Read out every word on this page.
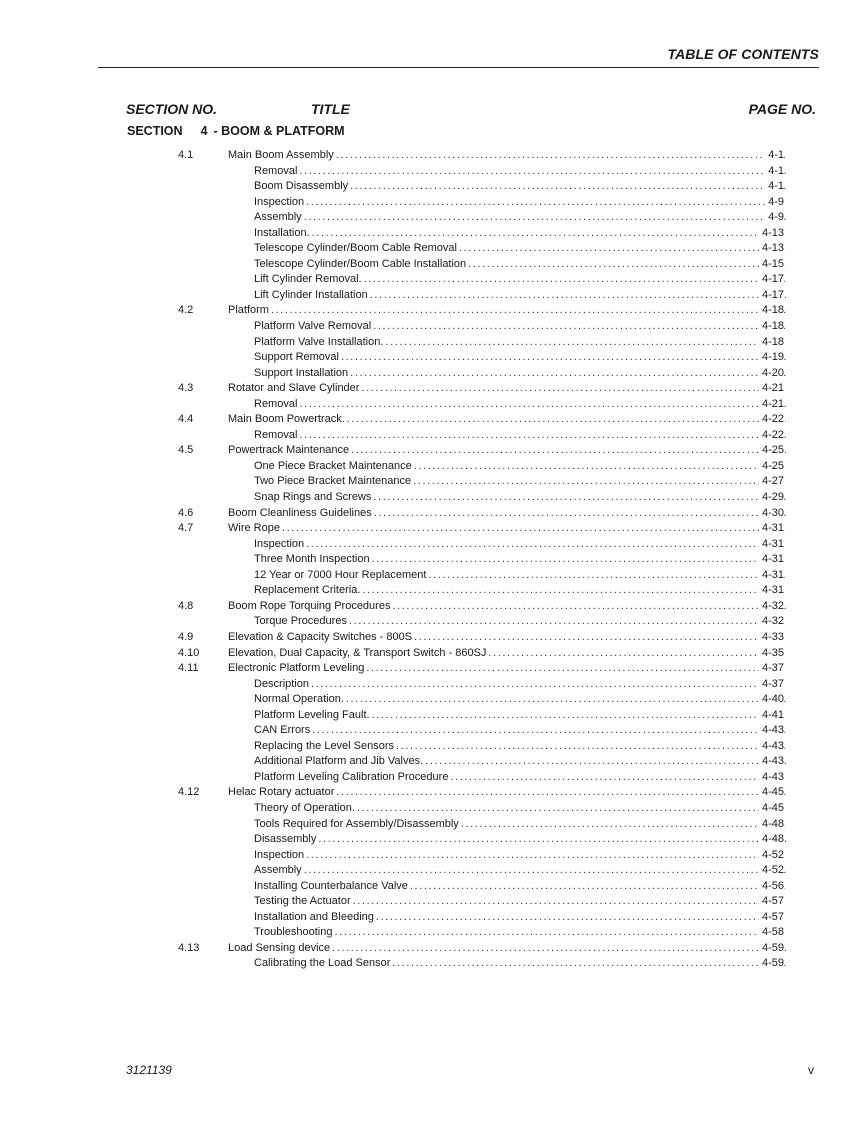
TABLE OF CONTENTS
SECTION NO.	TITLE	PAGE NO.
SECTION 4 - BOOM & PLATFORM
4.1	Main Boom Assembly .....	4-1
Removal .....	4-1
Boom Disassembly .....	4-1
Inspection .....	4-9
Assembly .....	4-9
Installation. .....	4-13
Telescope Cylinder/Boom Cable Removal .....	4-13
Telescope Cylinder/Boom Cable Installation .....	4-15
Lift Cylinder Removal. .....	4-17
Lift Cylinder Installation .....	4-17
4.2	Platform .....	4-18
Platform Valve Removal .....	4-18
Platform Valve Installation. .....	4-18
Support Removal .....	4-19
Support Installation .....	4-20
4.3	Rotator and Slave Cylinder .....	4-21
Removal .....	4-21
4.4	Main Boom Powertrack. .....	4-22
Removal .....	4-22
4.5	Powertrack Maintenance .....	4-25
One Piece Bracket Maintenance .....	4-25
Two Piece Bracket Maintenance .....	4-27
Snap Rings and Screws .....	4-29
4.6	Boom Cleanliness Guidelines .....	4-30
4.7	Wire Rope .....	4-31
Inspection .....	4-31
Three Month Inspection .....	4-31
12 Year or 7000 Hour Replacement .....	4-31
Replacement Criteria. .....	4-31
4.8	Boom Rope Torquing Procedures .....	4-32
Torque Procedures .....	4-32
4.9	Elevation & Capacity Switches - 800S .....	4-33
4.10	Elevation, Dual Capacity, & Transport Switch - 860SJ .....	4-35
4.11	Electronic Platform Leveling .....	4-37
Description .....	4-37
Normal Operation. .....	4-40
Platform Leveling Fault. .....	4-41
CAN Errors .....	4-43
Replacing the Level Sensors .....	4-43
Additional Platform and Jib Valves. .....	4-43
Platform Leveling Calibration Procedure .....	4-43
4.12	Helac Rotary actuator .....	4-45
Theory of Operation. .....	4-45
Tools Required for Assembly/Disassembly .....	4-48
Disassembly .....	4-48
Inspection .....	4-52
Assembly .....	4-52
Installing Counterbalance Valve .....	4-56
Testing the Actuator .....	4-57
Installation and Bleeding .....	4-57
Troubleshooting .....	4-58
4.13	Load Sensing device .....	4-59
Calibrating the Load Sensor .....	4-59
3121139	v
